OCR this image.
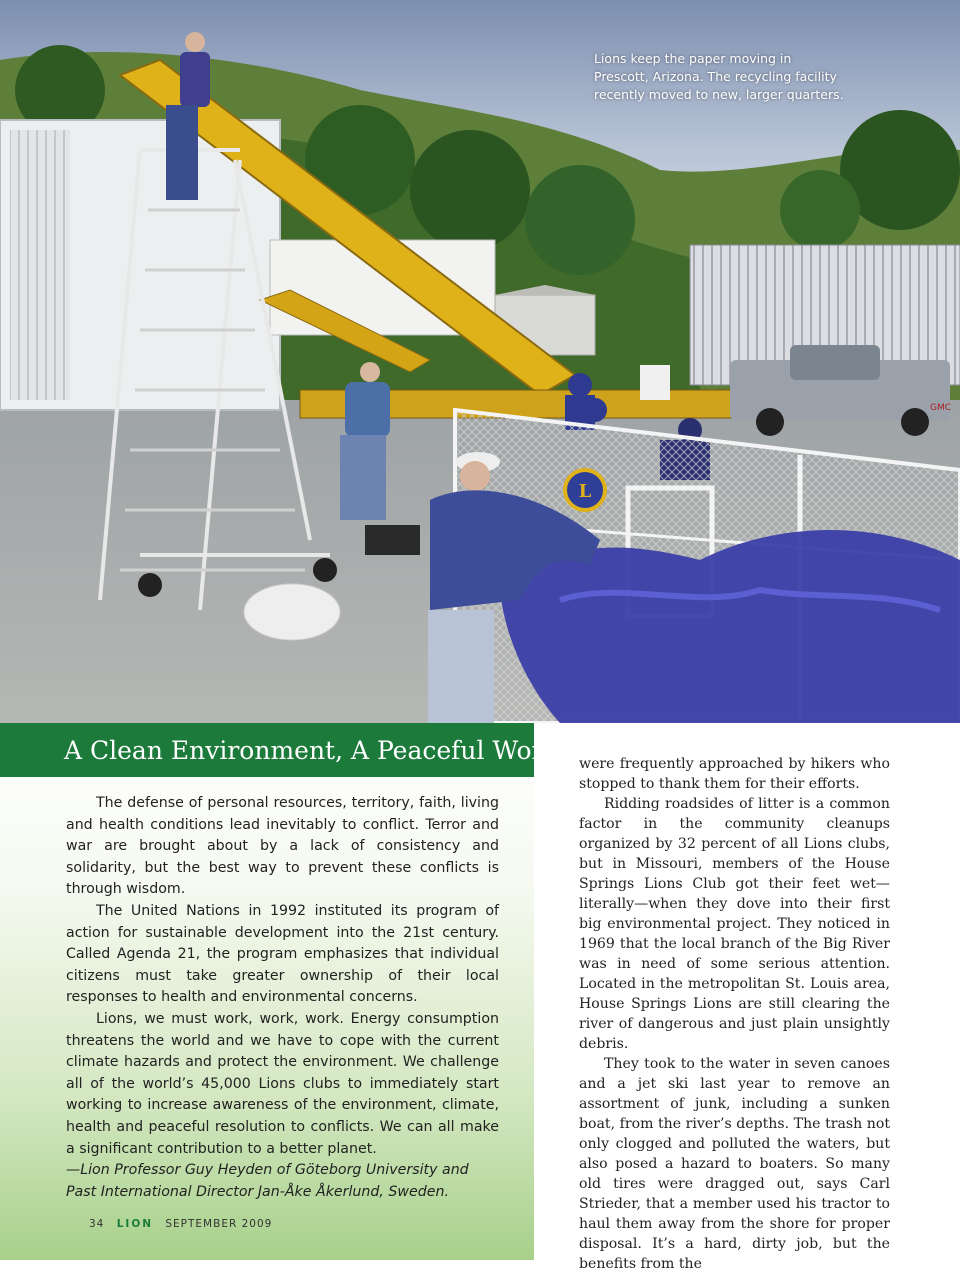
GMC
L
Lions keep the paper moving in Prescott, Arizona. The recycling facility recently moved to new, larger quarters.
A Clean Environment, A Peaceful World

The defense of personal resources, territory, faith, living and health conditions lead inevitably to conflict. Terror and war are brought about by a lack of consistency and solidarity, but the best way to prevent these conflicts is through wisdom.

The United Nations in 1992 instituted its program of action for sustainable development into the 21st century. Called Agenda 21, the program emphasizes that individual citizens must take greater ownership of their local responses to health and environmental concerns.

Lions, we must work, work, work. Energy consumption threatens the world and we have to cope with the current climate hazards and protect the environment. We challenge all of the world’s 45,000 Lions clubs to immediately start working to increase awareness of the environment, climate, health and peaceful resolution to conflicts. We can all make a significant contribution to a better planet.

—Lion Professor Guy Heyden of Göteborg University and Past International Director Jan-Åke Åkerlund, Sweden.

34 LION SEPTEMBER 2009

were frequently approached by hikers who stopped to thank them for their efforts.

Ridding roadsides of litter is a common factor in the community cleanups organized by 32 percent of all Lions clubs, but in Missouri, members of the House Springs Lions Club got their feet wet—literally—when they dove into their first big environmental project. They noticed in 1969 that the local branch of the Big River was in need of some serious attention. Located in the metropolitan St. Louis area, House Springs Lions are still clearing the river of dangerous and just plain unsightly debris.

They took to the water in seven canoes and a jet ski last year to remove an assortment of junk, including a sunken boat, from the river’s depths. The trash not only clogged and polluted the waters, but also posed a hazard to boaters. So many old tires were dragged out, says Carl Strieder, that a member used his tractor to haul them away from the shore for proper disposal. It’s a hard, dirty job, but the benefits from the
